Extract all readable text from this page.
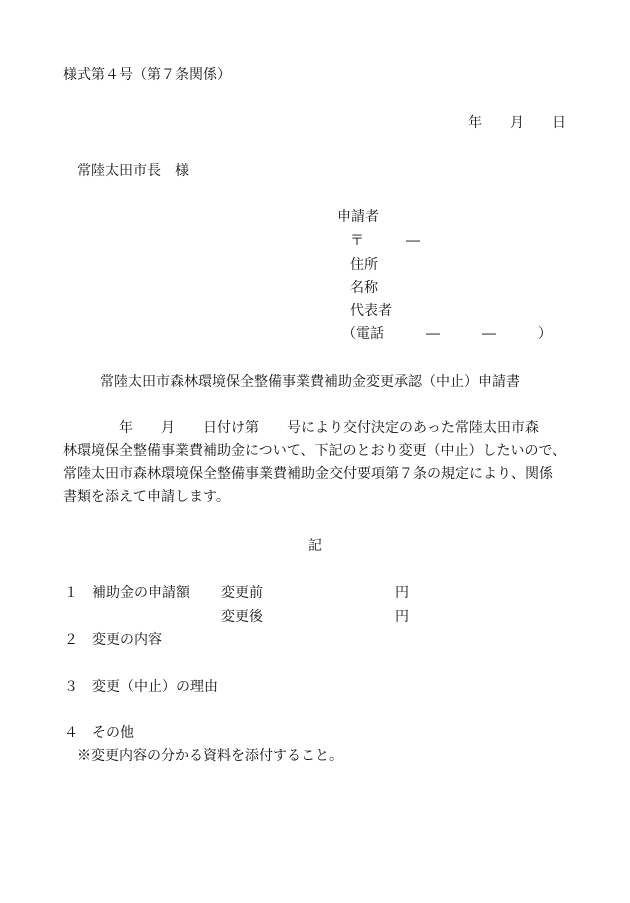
様式第４号（第７条関係）
年　　月　　日
常陸太田市長　様
申請者
〒　　　―
住所
名称
代表者
（電話　　　―　　　―　　　）
常陸太田市森林環境保全整備事業費補助金変更承認（中止）申請書
　　　　年　　月　　日付け第　　号により交付決定のあった常陸太田市森
林環境保全整備事業費補助金について、下記のとおり変更（中止）したいので、
常陸太田市森林環境保全整備事業費補助金交付要項第７条の規定により、関係
書類を添えて申請します。
記
１ 補助金の申請額 変更前	円
変更後	円
２　変更の内容
３　変更（中止）の理由
４　その他
※変更内容の分かる資料を添付すること。
